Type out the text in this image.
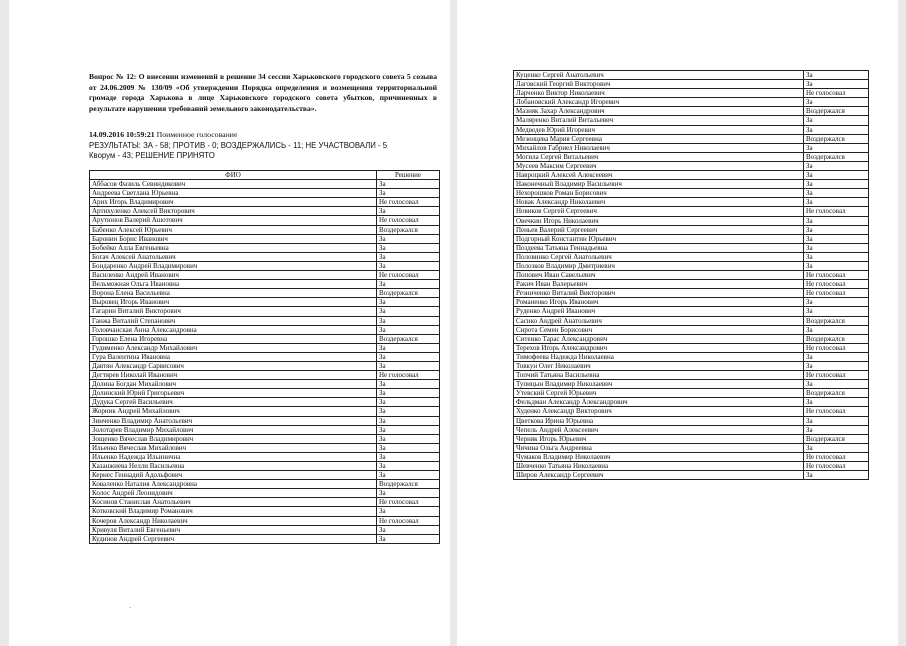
Вопрос № 12: О внесении изменений в решение 34 сессии Харьковского городского совета 5 созыва от 24.06.2009 № 130/09 «Об утверждении Порядка определения и возмещения территориальной громаде города Харькова в лице Харьковского городского совета убытков, причиненных в результате нарушения требований земельного законодательства».
14.09.2016 10:59:21 Поименное голосование
РЕЗУЛЬТАТЫ: ЗА - 58; ПРОТИВ - 0; ВОЗДЕРЖАЛИСЬ - 11; НЕ УЧАСТВОВАЛИ - 5
Кворум - 43; РЕШЕНИЕ ПРИНЯТО
ФИО	Решение
Аббасов Фазиль Севиндикович	За
Андреева Светлана Юрьевна	За
Арих Игорь Владимирович	Не голосовал
Артихуленко Алексей Викторович	За
Арутюнов Валерий Ашотович	Не голосовал
Бабенко Алексей Юрьевич	Воздержался
Баронин Борис Иванович	За
Бобейко Алла Евгеньевна	За
Богач Алексей Анатольевич	За
Бондаренко Андрей Владимирович	За
Василенко Андрей Иванович	Не голосовал
Вельможная Ольга Ивановна	За
Ворона Елена Васильевна	Воздержался
Выровец Игорь Иванович	За
Гагарин Виталий Викторович	За
Ганжа Виталий Степанович	За
Головчанская Анна Александровна	За
Горошко Елена Игоревна	Воздержался
Гудименко Александр Михайлович	За
Гура Валентина Ивановна	За
Давтян Александр Сарвисович	За
Дегтярев Николай Иванович	Не голосовал
Долина Богдан Михайлович	За
Долинский Юрий Григорьевич	За
Дудука Сергей Васильевич	За
Жорник Андрей Михайлович	За
Зинченко Владимир Анатольевич	За
Золотарев Владимир Михайлович	За
Зощенко Вячеслав Владимирович	За
Ильенко Вячеслав Михайлович	За
Ильенко Надежда Ильинична	За
Казанжиева Нелли Васильевна	За
Кернес Геннадий Адольфович	За
Коваленко Наталия Александровна	Воздержался
Колос Андрей Леонидович	За
Косинов Станислав Анатольевич	Не голосовал
Котковский Владимир Романович	За
Кочеров Александр Николаевич	Не голосовал
Кривуля Виталий Евгеньевич	За
Кудинов Андрей Сергеевич	За
·
Куценко Сергей Анатольевич	За
Лаговский Георгий Викторович	За
Ларченко Виктор Николаевич	Не голосовал
Лобановский Александр Игоревич	За
Мазняк Захар Александрович	Воздержался
Маляренко Виталий Витальевич	За
Медведев Юрий Игоревич	За
Мезенцева Мария Сергеевна	Воздержался
Михайлов Габриел Николаевич	За
Могила Сергей Витальевич	Воздержался
Мусеев Максим Сергеевич	За
Навроцкий Алексей Алексеевич	За
Наконечный Владимир Васильевич	За
Нехорошков Роман Борисович	За
Новак Александр Николаевич	За
Новиков Сергей Сергеевич	Не голосовал
Овечкин Игорь Николаевич	За
Пеньев Валерий Сергеевич	За
Подгорный Константин Юрьевич	За
Поздеева Татьяна Геннадьевна	За
Половинко Сергей Анатольевич	За
Полозков Владимир Дмитриевич	За
Попович Иван Савельевич	Не голосовал
Ракич Иван Валерьевич	Не голосовал
Резниченко Виталий Викторович	Не голосовал
Романенко Игорь Иванович	За
Руденко Андрей Иванович	За
Сасико Андрей Анатольевич	Воздержался
Сирота Семен Борисович	За
Ситенко Тарас Александрович	Воздержался
Терехов Игорь Александрович	Не голосовал
Тимофеева Надежда Николаевна	За
Товкун Олег Николаевич	За
Топчий Татьяна Васильевна	Не голосовал
Тупицын Владимир Николаевич	За
Утевский Сергей Юрьевич	Воздержался
Фельдман Александр Александрович	За
Худенко Александр Викторович	Не голосовал
Цветкова Ирина Юрьевна	За
Чепель Андрей Алексеевич	За
Черняк Игорь Юрьевич	Воздержался
Чичина Ольга Андреевна	За
Чумаков Владимир Николаевич	Не голосовал
Шевченко Татьяна Николаевна	Не голосовал
Шиpов Александр Сергеевич	За
